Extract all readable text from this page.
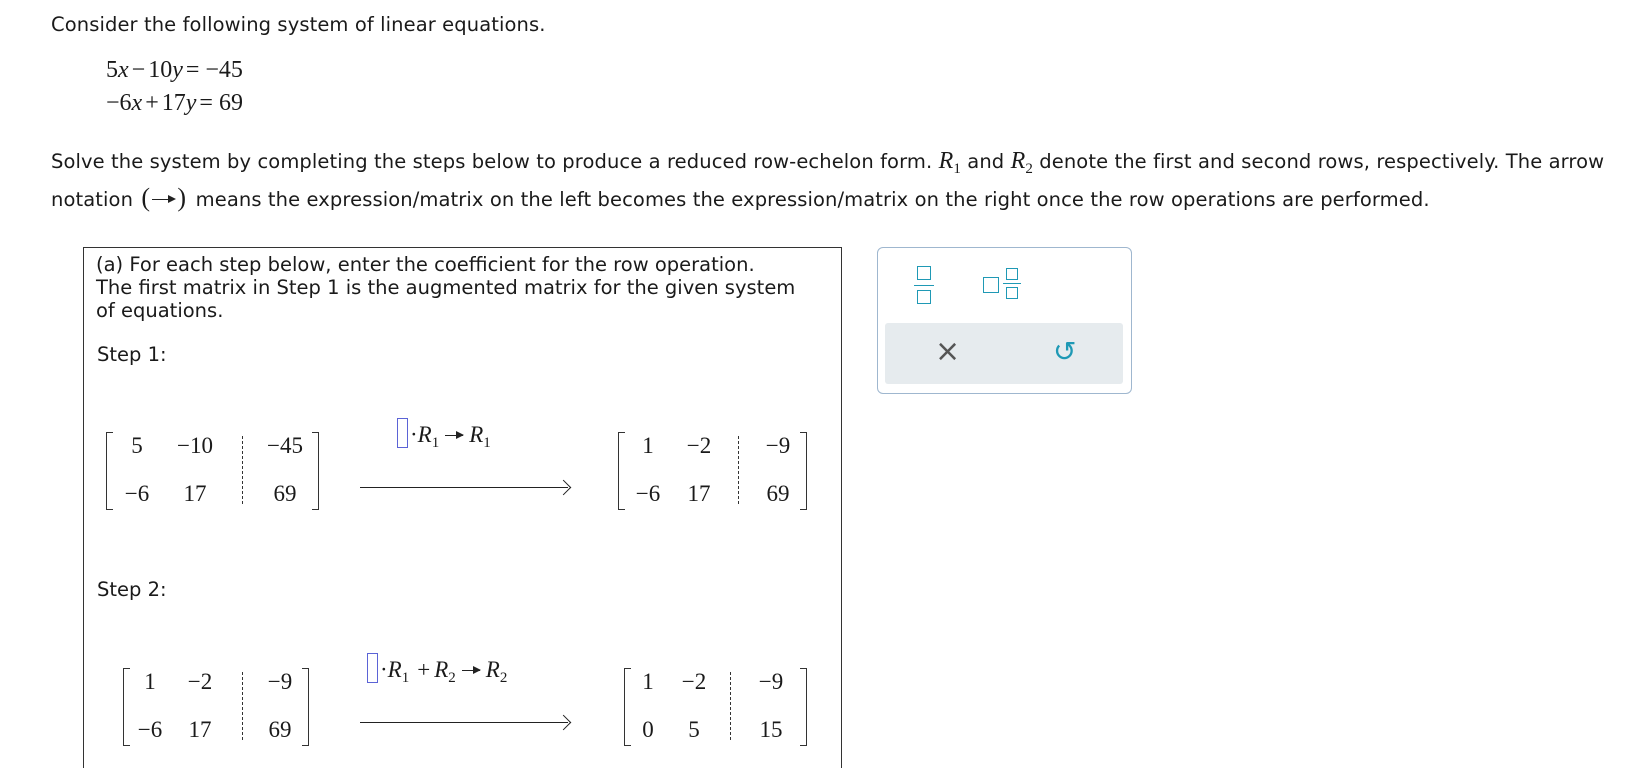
Consider the following system of linear equations.
5x − 10y = −45
−6x + 17y = 69
Solve the system by completing the steps below to produce a reduced row-echelon form. $R_1$ and $R_2$ denote the first and second rows, respectively. The arrow
notation ( ) means the expression/matrix on the left becomes the expression/matrix on the right once the row operations are performed.
(a) For each step below, enter the coefficient for the row operation. The first matrix in Step 1 is the augmented matrix for the given system of equations.
Step 1:
Step 2:
5 −10 −45
−6 17	69
$\cdot R_1$ $R_1$	1 −2 −9
−6 17 69
1 −2 −9
−6 17 69
$\cdot R_1 + R_2$ $R_2$	1 −2 −9
0 5	15
×	↺
